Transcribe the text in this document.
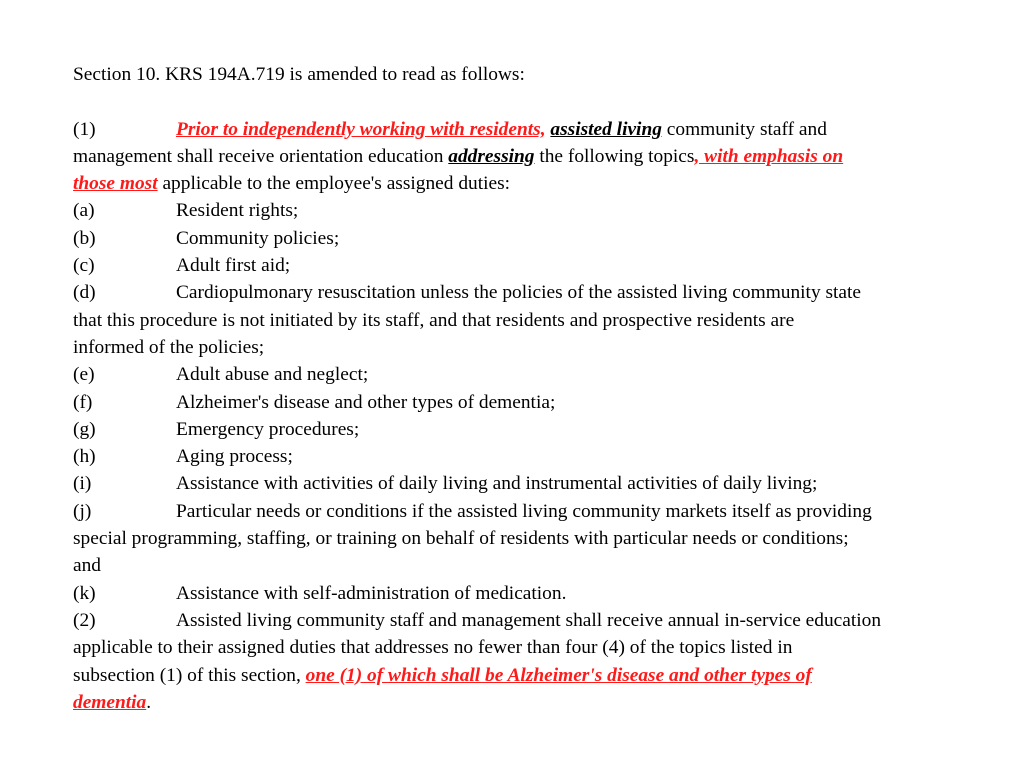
Section 10. KRS 194A.719 is amended to read as follows:
(1)	Prior to independently working with residents, assisted living community staff and
management shall receive orientation education addressing the following topics, with emphasis on
those most applicable to the employee's assigned duties:
(a)	Resident rights;
(b)	Community policies;
(c)	Adult first aid;
(d)	Cardiopulmonary resuscitation unless the policies of the assisted living community state
that this procedure is not initiated by its staff, and that residents and prospective residents are
informed of the policies;
(e)	Adult abuse and neglect;
(f)	Alzheimer's disease and other types of dementia;
(g)	Emergency procedures;
(h)	Aging process;
(i)	Assistance with activities of daily living and instrumental activities of daily living;
(j)	Particular needs or conditions if the assisted living community markets itself as providing
special programming, staffing, or training on behalf of residents with particular needs or conditions;
and
(k)	Assistance with self-administration of medication.
(2)	Assisted living community staff and management shall receive annual in-service education
applicable to their assigned duties that addresses no fewer than four (4) of the topics listed in
subsection (1) of this section, one (1) of which shall be Alzheimer's disease and other types of
dementia.
